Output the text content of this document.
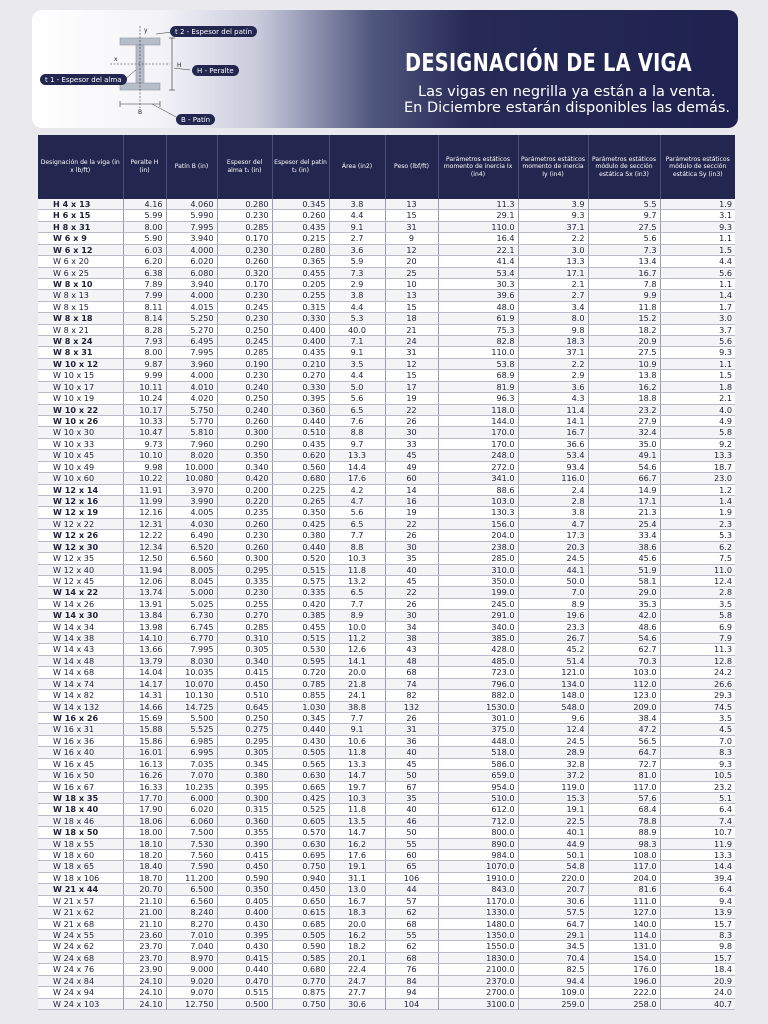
y
x
H
B
t 2 - Espesor del patín
t 1 - Espesor del alma
H - Peralte
B - Patín
DESIGNACIÓN DE LA VIGA
Las vigas en negrilla ya están a la venta.
En Diciembre estarán disponibles las demás.
Designación de la viga (in x lb/ft)	Peralte H (in)	Patín B (in)	Espesor del alma t₁ (in)	Espesor del patín t₂ (in)	Área (in2)	Peso (lbf/ft)	Parámetros estáticos momento de inercia Ix (in4)	Parámetros estáticos momento de inercia Iy (in4)	Parámetros estáticos módulo de sección estática Sx (in3)	Parámetros estáticos módulo de sección estática Sy (in3)
H 4 x 13	4.16	4.060	0.280	0.345	3.8	13	11.3	3.9	5.5	1.9
H 6 x 15	5.99	5.990	0.230	0.260	4.4	15	29.1	9.3	9.7	3.1
H 8 x 31	8.00	7.995	0.285	0.435	9.1	31	110.0	37.1	27.5	9.3
W 6 x 9	5.90	3.940	0.170	0.215	2.7	9	16.4	2.2	5.6	1.1
W 6 x 12	6.03	4.000	0.230	0.280	3.6	12	22.1	3.0	7.3	1.5
W 6 x 20	6.20	6.020	0.260	0.365	5.9	20	41.4	13.3	13.4	4.4
W 6 x 25	6.38	6.080	0.320	0.455	7.3	25	53.4	17.1	16.7	5.6
W 8 x 10	7.89	3.940	0.170	0.205	2.9	10	30.3	2.1	7.8	1.1
W 8 x 13	7.99	4.000	0.230	0.255	3.8	13	39.6	2.7	9.9	1.4
W 8 x 15	8.11	4.015	0.245	0.315	4.4	15	48.0	3.4	11.8	1.7
W 8 x 18	8.14	5.250	0.230	0.330	5.3	18	61.9	8.0	15.2	3.0
W 8 x 21	8.28	5.270	0.250	0.400	40.0	21	75.3	9.8	18.2	3.7
W 8 x 24	7.93	6.495	0.245	0.400	7.1	24	82.8	18.3	20.9	5.6
W 8 x 31	8.00	7.995	0.285	0.435	9.1	31	110.0	37.1	27.5	9.3
W 10 x 12	9.87	3.960	0.190	0.210	3.5	12	53.8	2.2	10.9	1.1
W 10 x 15	9.99	4.000	0.230	0.270	4.4	15	68.9	2.9	13.8	1.5
W 10 x 17	10.11	4.010	0.240	0.330	5.0	17	81.9	3.6	16.2	1.8
W 10 x 19	10.24	4.020	0.250	0.395	5.6	19	96.3	4.3	18.8	2.1
W 10 x 22	10.17	5.750	0.240	0.360	6.5	22	118.0	11.4	23.2	4.0
W 10 x 26	10.33	5.770	0.260	0.440	7.6	26	144.0	14.1	27.9	4.9
W 10 x 30	10.47	5.810	0.300	0.510	8.8	30	170.0	16.7	32.4	5.8
W 10 x 33	9.73	7.960	0.290	0.435	9.7	33	170.0	36.6	35.0	9.2
W 10 x 45	10.10	8.020	0.350	0.620	13.3	45	248.0	53.4	49.1	13.3
W 10 x 49	9.98	10.000	0.340	0.560	14.4	49	272.0	93.4	54.6	18.7
W 10 x 60	10.22	10.080	0.420	0.680	17.6	60	341.0	116.0	66.7	23.0
W 12 x 14	11.91	3.970	0.200	0.225	4.2	14	88.6	2.4	14.9	1.2
W 12 x 16	11.99	3.990	0.220	0.265	4.7	16	103.0	2.8	17.1	1.4
W 12 x 19	12.16	4.005	0.235	0.350	5.6	19	130.3	3.8	21.3	1.9
W 12 x 22	12.31	4.030	0.260	0.425	6.5	22	156.0	4.7	25.4	2.3
W 12 x 26	12.22	6.490	0.230	0.380	7.7	26	204.0	17.3	33.4	5.3
W 12 x 30	12.34	6.520	0.260	0.440	8.8	30	238.0	20.3	38.6	6.2
W 12 x 35	12.50	6.560	0.300	0.520	10.3	35	285.0	24.5	45.6	7.5
W 12 x 40	11.94	8.005	0.295	0.515	11.8	40	310.0	44.1	51.9	11.0
W 12 x 45	12.06	8.045	0.335	0.575	13.2	45	350.0	50.0	58.1	12.4
W 14 x 22	13.74	5.000	0.230	0.335	6.5	22	199.0	7.0	29.0	2.8
W 14 x 26	13.91	5.025	0.255	0.420	7.7	26	245.0	8.9	35.3	3.5
W 14 x 30	13.84	6.730	0.270	0.385	8.9	30	291.0	19.6	42.0	5.8
W 14 x 34	13.98	6.745	0.285	0.455	10.0	34	340.0	23.3	48.6	6.9
W 14 x 38	14.10	6.770	0.310	0.515	11.2	38	385.0	26.7	54.6	7.9
W 14 x 43	13.66	7.995	0.305	0.530	12.6	43	428.0	45.2	62.7	11.3
W 14 x 48	13.79	8.030	0.340	0.595	14.1	48	485.0	51.4	70.3	12.8
W 14 x 68	14.04	10.035	0.415	0.720	20.0	68	723.0	121.0	103.0	24.2
W 14 x 74	14.17	10.070	0.450	0.785	21.8	74	796.0	134.0	112.0	26.6
W 14 x 82	14.31	10.130	0.510	0.855	24.1	82	882.0	148.0	123.0	29.3
W 14 x 132	14.66	14.725	0.645	1.030	38.8	132	1530.0	548.0	209.0	74.5
W 16 x 26	15.69	5.500	0.250	0.345	7.7	26	301.0	9.6	38.4	3.5
W 16 x 31	15.88	5.525	0.275	0.440	9.1	31	375.0	12.4	47.2	4.5
W 16 x 36	15.86	6.985	0.295	0.430	10.6	36	448.0	24.5	56.5	7.0
W 16 x 40	16.01	6.995	0.305	0.505	11.8	40	518.0	28.9	64.7	8.3
W 16 x 45	16.13	7.035	0.345	0.565	13.3	45	586.0	32.8	72.7	9.3
W 16 x 50	16.26	7.070	0.380	0.630	14.7	50	659.0	37.2	81.0	10.5
W 16 x 67	16.33	10.235	0.395	0.665	19.7	67	954.0	119.0	117.0	23.2
W 18 x 35	17.70	6.000	0.300	0.425	10.3	35	510.0	15.3	57.6	5.1
W 18 x 40	17.90	6.020	0.315	0.525	11.8	40	612.0	19.1	68.4	6.4
W 18 x 46	18.06	6.060	0.360	0.605	13.5	46	712.0	22.5	78.8	7.4
W 18 x 50	18.00	7.500	0.355	0.570	14.7	50	800.0	40.1	88.9	10.7
W 18 x 55	18.10	7.530	0.390	0.630	16.2	55	890.0	44.9	98.3	11.9
W 18 x 60	18.20	7.560	0.415	0.695	17.6	60	984.0	50.1	108.0	13.3
W 18 x 65	18.40	7.590	0.450	0.750	19.1	65	1070.0	54.8	117.0	14.4
W 18 x 106	18.70	11.200	0.590	0.940	31.1	106	1910.0	220.0	204.0	39.4
W 21 x 44	20.70	6.500	0.350	0.450	13.0	44	843.0	20.7	81.6	6.4
W 21 x 57	21.10	6.560	0.405	0.650	16.7	57	1170.0	30.6	111.0	9.4
W 21 x 62	21.00	8.240	0.400	0.615	18.3	62	1330.0	57.5	127.0	13.9
W 21 x 68	21.10	8.270	0.430	0.685	20.0	68	1480.0	64.7	140.0	15.7
W 24 x 55	23.60	7.010	0.395	0.505	16.2	55	1350.0	29.1	114.0	8.3
W 24 x 62	23.70	7.040	0.430	0.590	18.2	62	1550.0	34.5	131.0	9.8
W 24 x 68	23.70	8.970	0.415	0.585	20.1	68	1830.0	70.4	154.0	15.7
W 24 x 76	23.90	9.000	0.440	0.680	22.4	76	2100.0	82.5	176.0	18.4
W 24 x 84	24.10	9.020	0.470	0.770	24.7	84	2370.0	94.4	196.0	20.9
W 24 x 94	24.10	9.070	0.515	0.875	27.7	94	2700.0	109.0	222.0	24.0
W 24 x 103	24.10	12.750	0.500	0.750	30.6	104	3100.0	259.0	258.0	40.7
